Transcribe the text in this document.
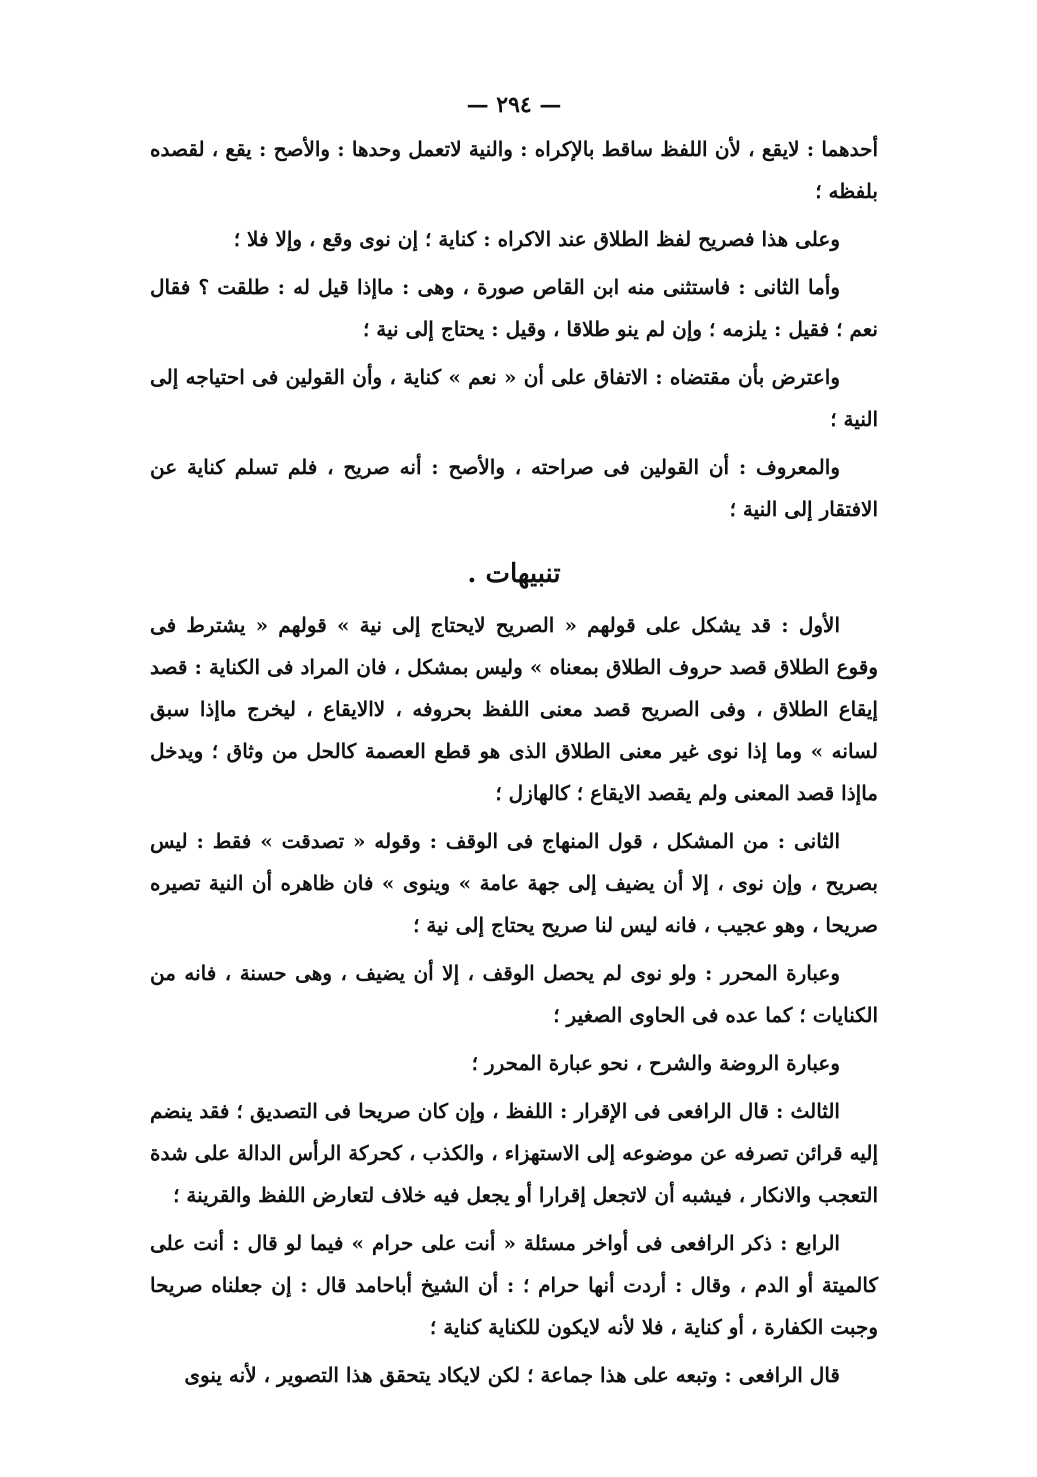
— ٢٩٤ —

أحدهما : لايقع ، لأن اللفظ ساقط بالإكراه : والنية لاتعمل وحدها : والأصح : يقع ، لقصده بلفظه ؛

وعلى هذا فصريح لفظ الطلاق عند الاكراه : كناية ؛ إن نوى وقع ، وإلا فلا ؛

وأما الثانى : فاستثنى منه ابن القاص صورة ، وهى : ماإذا قيل له : طلقت ؟ فقال نعم ؛ فقيل : يلزمه ؛ وإن لم ينو طلاقا ، وقيل : يحتاج إلى نية ؛

واعترض بأن مقتضاه : الاتفاق على أن « نعم » كناية ، وأن القولين فى احتياجه إلى النية ؛

والمعروف : أن القولين فى صراحته ، والأصح : أنه صريح ، فلم تسلم كناية عن الافتقار إلى النية ؛

تنبيهات .

الأول : قد يشكل على قولهم « الصريح لايحتاج إلى نية » قولهم « يشترط فى وقوع الطلاق قصد حروف الطلاق بمعناه » وليس بمشكل ، فان المراد فى الكناية : قصد إيقاع الطلاق ، وفى الصريح قصد معنى اللفظ بحروفه ، لاالايقاع ، ليخرج ماإذا سبق لسانه » وما إذا نوى غير معنى الطلاق الذى هو قطع العصمة كالحل من وثاق ؛ ويدخل ماإذا قصد المعنى ولم يقصد الايقاع ؛ كالهازل ؛

الثانى : من المشكل ، قول المنهاج فى الوقف : وقوله « تصدقت » فقط : ليس بصريح ، وإن نوى ، إلا أن يضيف إلى جهة عامة » وينوى » فان ظاهره أن النية تصيره صريحا ، وهو عجيب ، فانه ليس لنا صريح يحتاج إلى نية ؛

وعبارة المحرر : ولو نوى لم يحصل الوقف ، إلا أن يضيف ، وهى حسنة ، فانه من الكنايات ؛ كما عده فى الحاوى الصغير ؛

وعبارة الروضة والشرح ، نحو عبارة المحرر ؛

الثالث : قال الرافعى فى الإقرار : اللفظ ، وإن كان صريحا فى التصديق ؛ فقد ينضم إليه قرائن تصرفه عن موضوعه إلى الاستهزاء ، والكذب ، كحركة الرأس الدالة على شدة التعجب والانكار ، فيشبه أن لاتجعل إقرارا أو يجعل فيه خلاف لتعارض اللفظ والقرينة ؛

الرابع : ذكر الرافعى فى أواخر مسئلة « أنت على حرام » فيما لو قال : أنت على كالميتة أو الدم ، وقال : أردت أنها حرام ؛ : أن الشيخ أباحامد قال : إن جعلناه صريحا وجبت الكفارة ، أو كناية ، فلا لأنه لايكون للكناية كناية ؛

قال الرافعى : وتبعه على هذا جماعة ؛ لكن لايكاد يتحقق هذا التصوير ، لأنه ينوى
